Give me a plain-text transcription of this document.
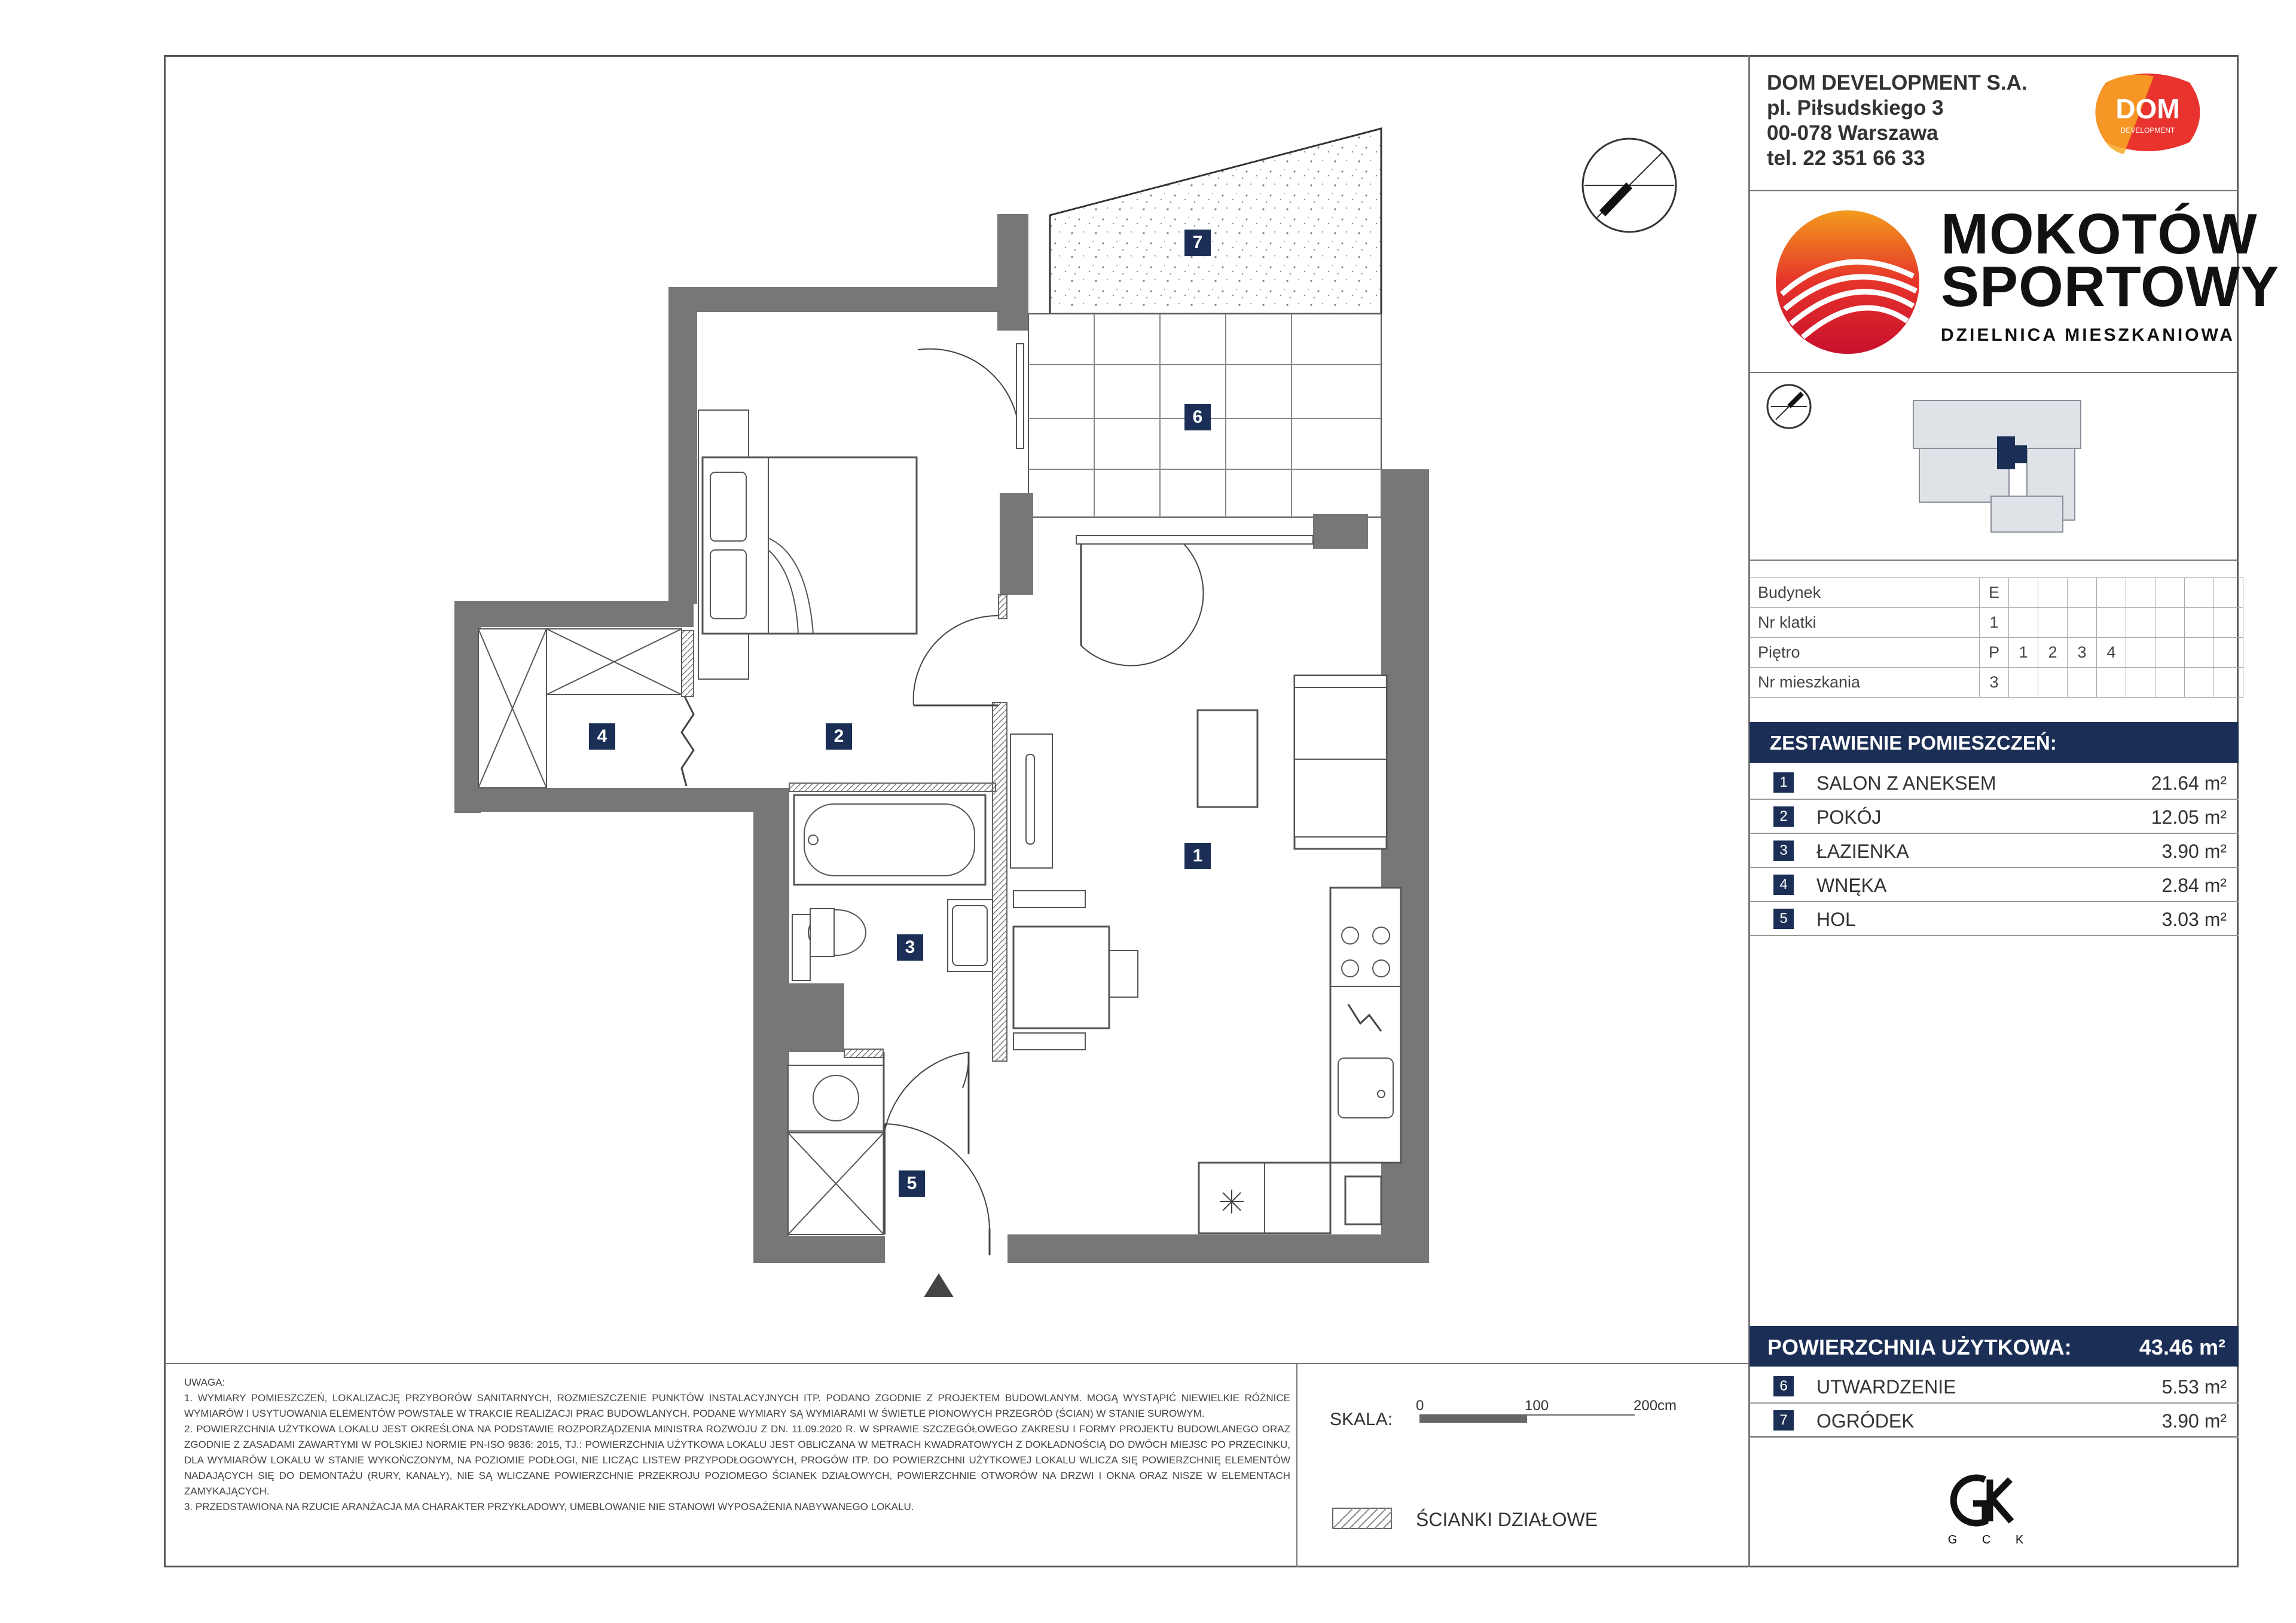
DOM DEVELOPMENT S.A.
pl. Piłsudskiego 3
00-078 Warszawa
tel. 22 351 66 33
DOM
DEVELOPMENT
MOKOTÓW
SPORTOWY
DZIELNICA MIESZKANIOWA
Budynek	E								
Nr klatki	1								
Piętro	P	1	2	3	4				
Nr mieszkania	3								
ZESTAWIENIE POMIESZCZEŃ:
1	SALON Z ANEKSEM	21.64 m²
2	POKÓJ	12.05 m²
3	ŁAZIENKA	3.90 m²
4	WNĘKA	2.84 m²
5	HOL	3.03 m²
POWIERZCHNIA UŻYTKOWA:	43.46 m²
6	UTWARDZENIE	5.53 m²
7	OGRÓDEK	3.90 m²
G C K
UWAGA:
1. WYMIARY POMIESZCZEŃ, LOKALIZACJĘ PRZYBORÓW SANITARNYCH, ROZMIESZCZENIE PUNKTÓW INSTALACYJNYCH ITP. PODANO ZGODNIE Z PROJEKTEM BUDOWLANYM. MOGĄ WYSTĄPIĆ NIEWIELKIE RÓŻNICE WYMIARÓW I USYTUOWANIA ELEMENTÓW POWSTAŁE W TRAKCIE REALIZACJI PRAC BUDOWLANYCH. PODANE WYMIARY SĄ WYMIARAMI W ŚWIETLE PIONOWYCH PRZEGRÓD (ŚCIAN) W STANIE SUROWYM.
2. POWIERZCHNIA UŻYTKOWA LOKALU JEST OKREŚLONA NA PODSTAWIE ROZPORZĄDZENIA MINISTRA ROZWOJU Z DN. 11.09.2020 R. W SPRAWIE SZCZEGÓŁOWEGO ZAKRESU I FORMY PROJEKTU BUDOWLANEGO ORAZ ZGODNIE Z ZASADAMI ZAWARTYMI W POLSKIEJ NORMIE PN-ISO 9836: 2015, TJ.: POWIERZCHNIA UŻYTKOWA LOKALU JEST OBLICZANA W METRACH KWADRATOWYCH Z DOKŁADNOŚCIĄ DO DWÓCH MIEJSC PO PRZECINKU, DLA WYMIARÓW LOKALU W STANIE WYKOŃCZONYM, NA POZIOMIE PODŁOGI, NIE LICZĄC LISTEW PRZYPODŁOGOWYCH, PROGÓW ITP. DO POWIERZCHNI UŻYTKOWEJ LOKALU WLICZA SIĘ POWIERZCHNIĘ ELEMENTÓW NADAJĄCYCH SIĘ DO DEMONTAŻU (RURY, KANAŁY), NIE SĄ WLICZANE POWIERZCHNIE PRZEKROJU POZIOMEGO ŚCIANEK DZIAŁOWYCH, POWIERZCHNIE OTWORÓW NA DRZWI I OKNA ORAZ NISZE W ELEMENTACH ZAMYKAJĄCYCH.
3. PRZEDSTAWIONA NA RZUCIE ARANŻACJA MA CHARAKTER PRZYKŁADOWY, UMEBLOWANIE NIE STANOWI WYPOSAŻENIA NABYWANEGO LOKALU.
SKALA:
0	100	200cm
ŚCIANKI DZIAŁOWE
1
2
3
4
5
6
7
